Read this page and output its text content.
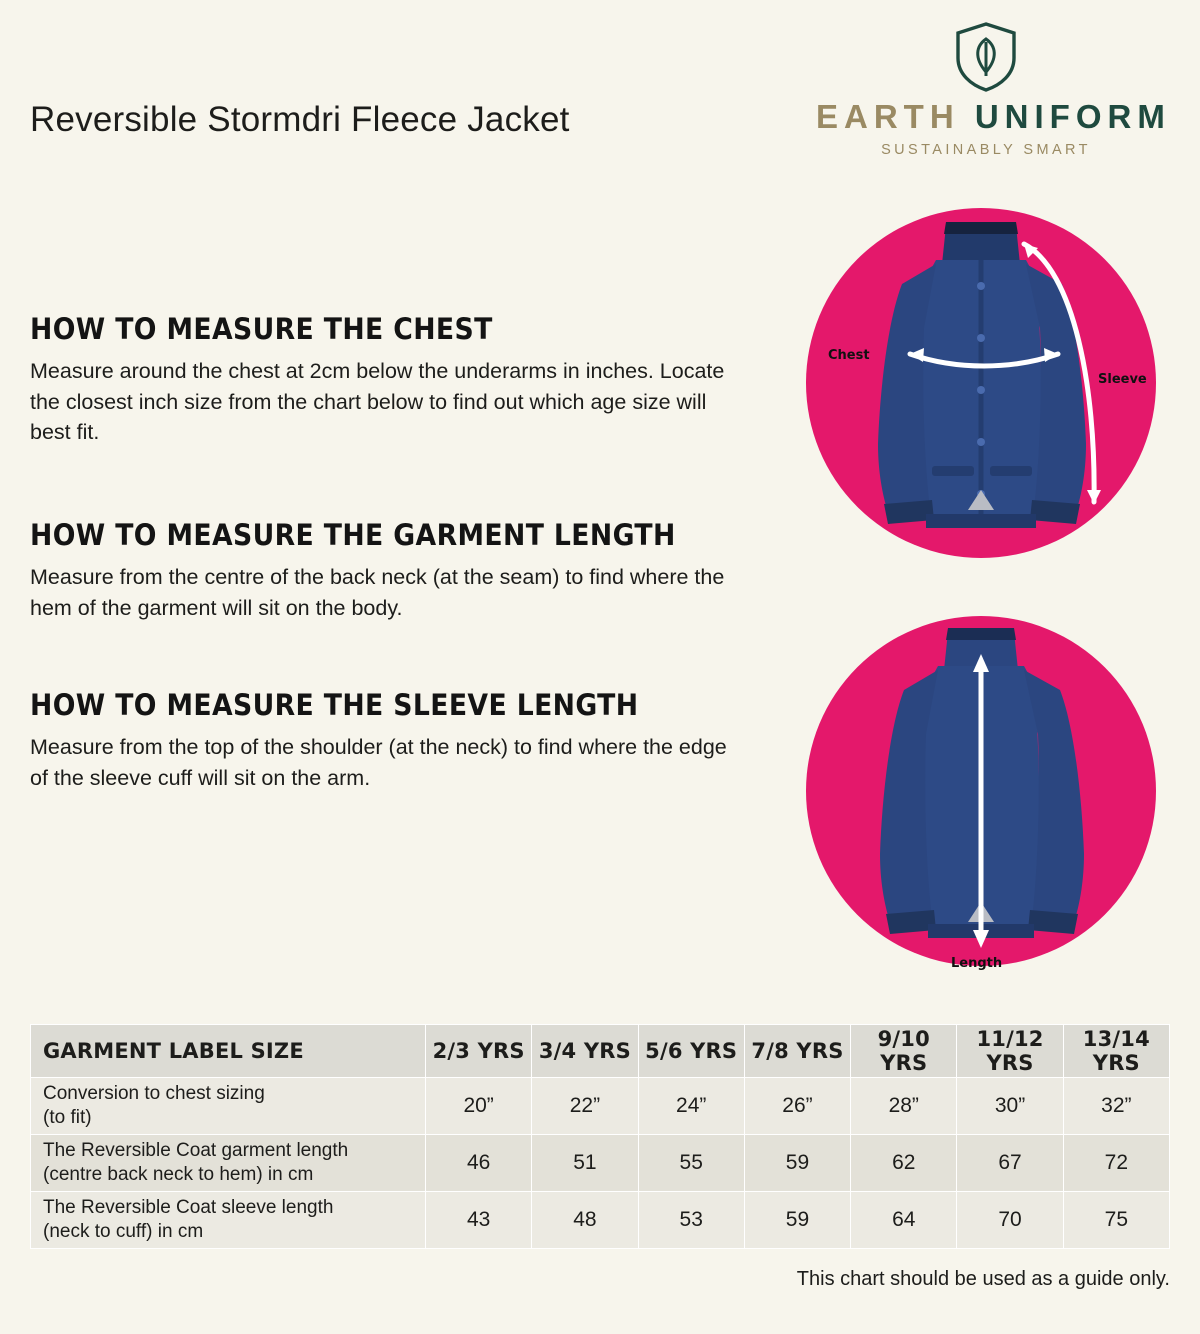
Reversible Stormdri Fleece Jacket	EARTH UNIFORM
SUSTAINABLY SMART
HOW TO MEASURE THE CHEST

Measure around the chest at 2cm below the underarms in inches. Locate the closest inch size from the chart below to find out which age size will best fit.

HOW TO MEASURE THE GARMENT LENGTH

Measure from the centre of the back neck (at the seam) to find where the hem of the garment will sit on the body.

HOW TO MEASURE THE SLEEVE LENGTH

Measure from the top of the shoulder (at the neck) to find where the edge of the sleeve cuff will sit on the arm.

Chest
Sleeve
Length
GARMENT LABEL SIZE	2/3 YRS	3/4 YRS	5/6 YRS	7/8 YRS	9/10 YRS	11/12 YRS	13/14 YRS
Conversion to chest sizing
(to fit)	20”	22”	24”	26”	28”	30”	32”
The Reversible Coat garment length
(centre back neck to hem) in cm	46	51	55	59	62	67	72
The Reversible Coat sleeve length
(neck to cuff) in cm	43	48	53	59	64	70	75
This chart should be used as a guide only.
